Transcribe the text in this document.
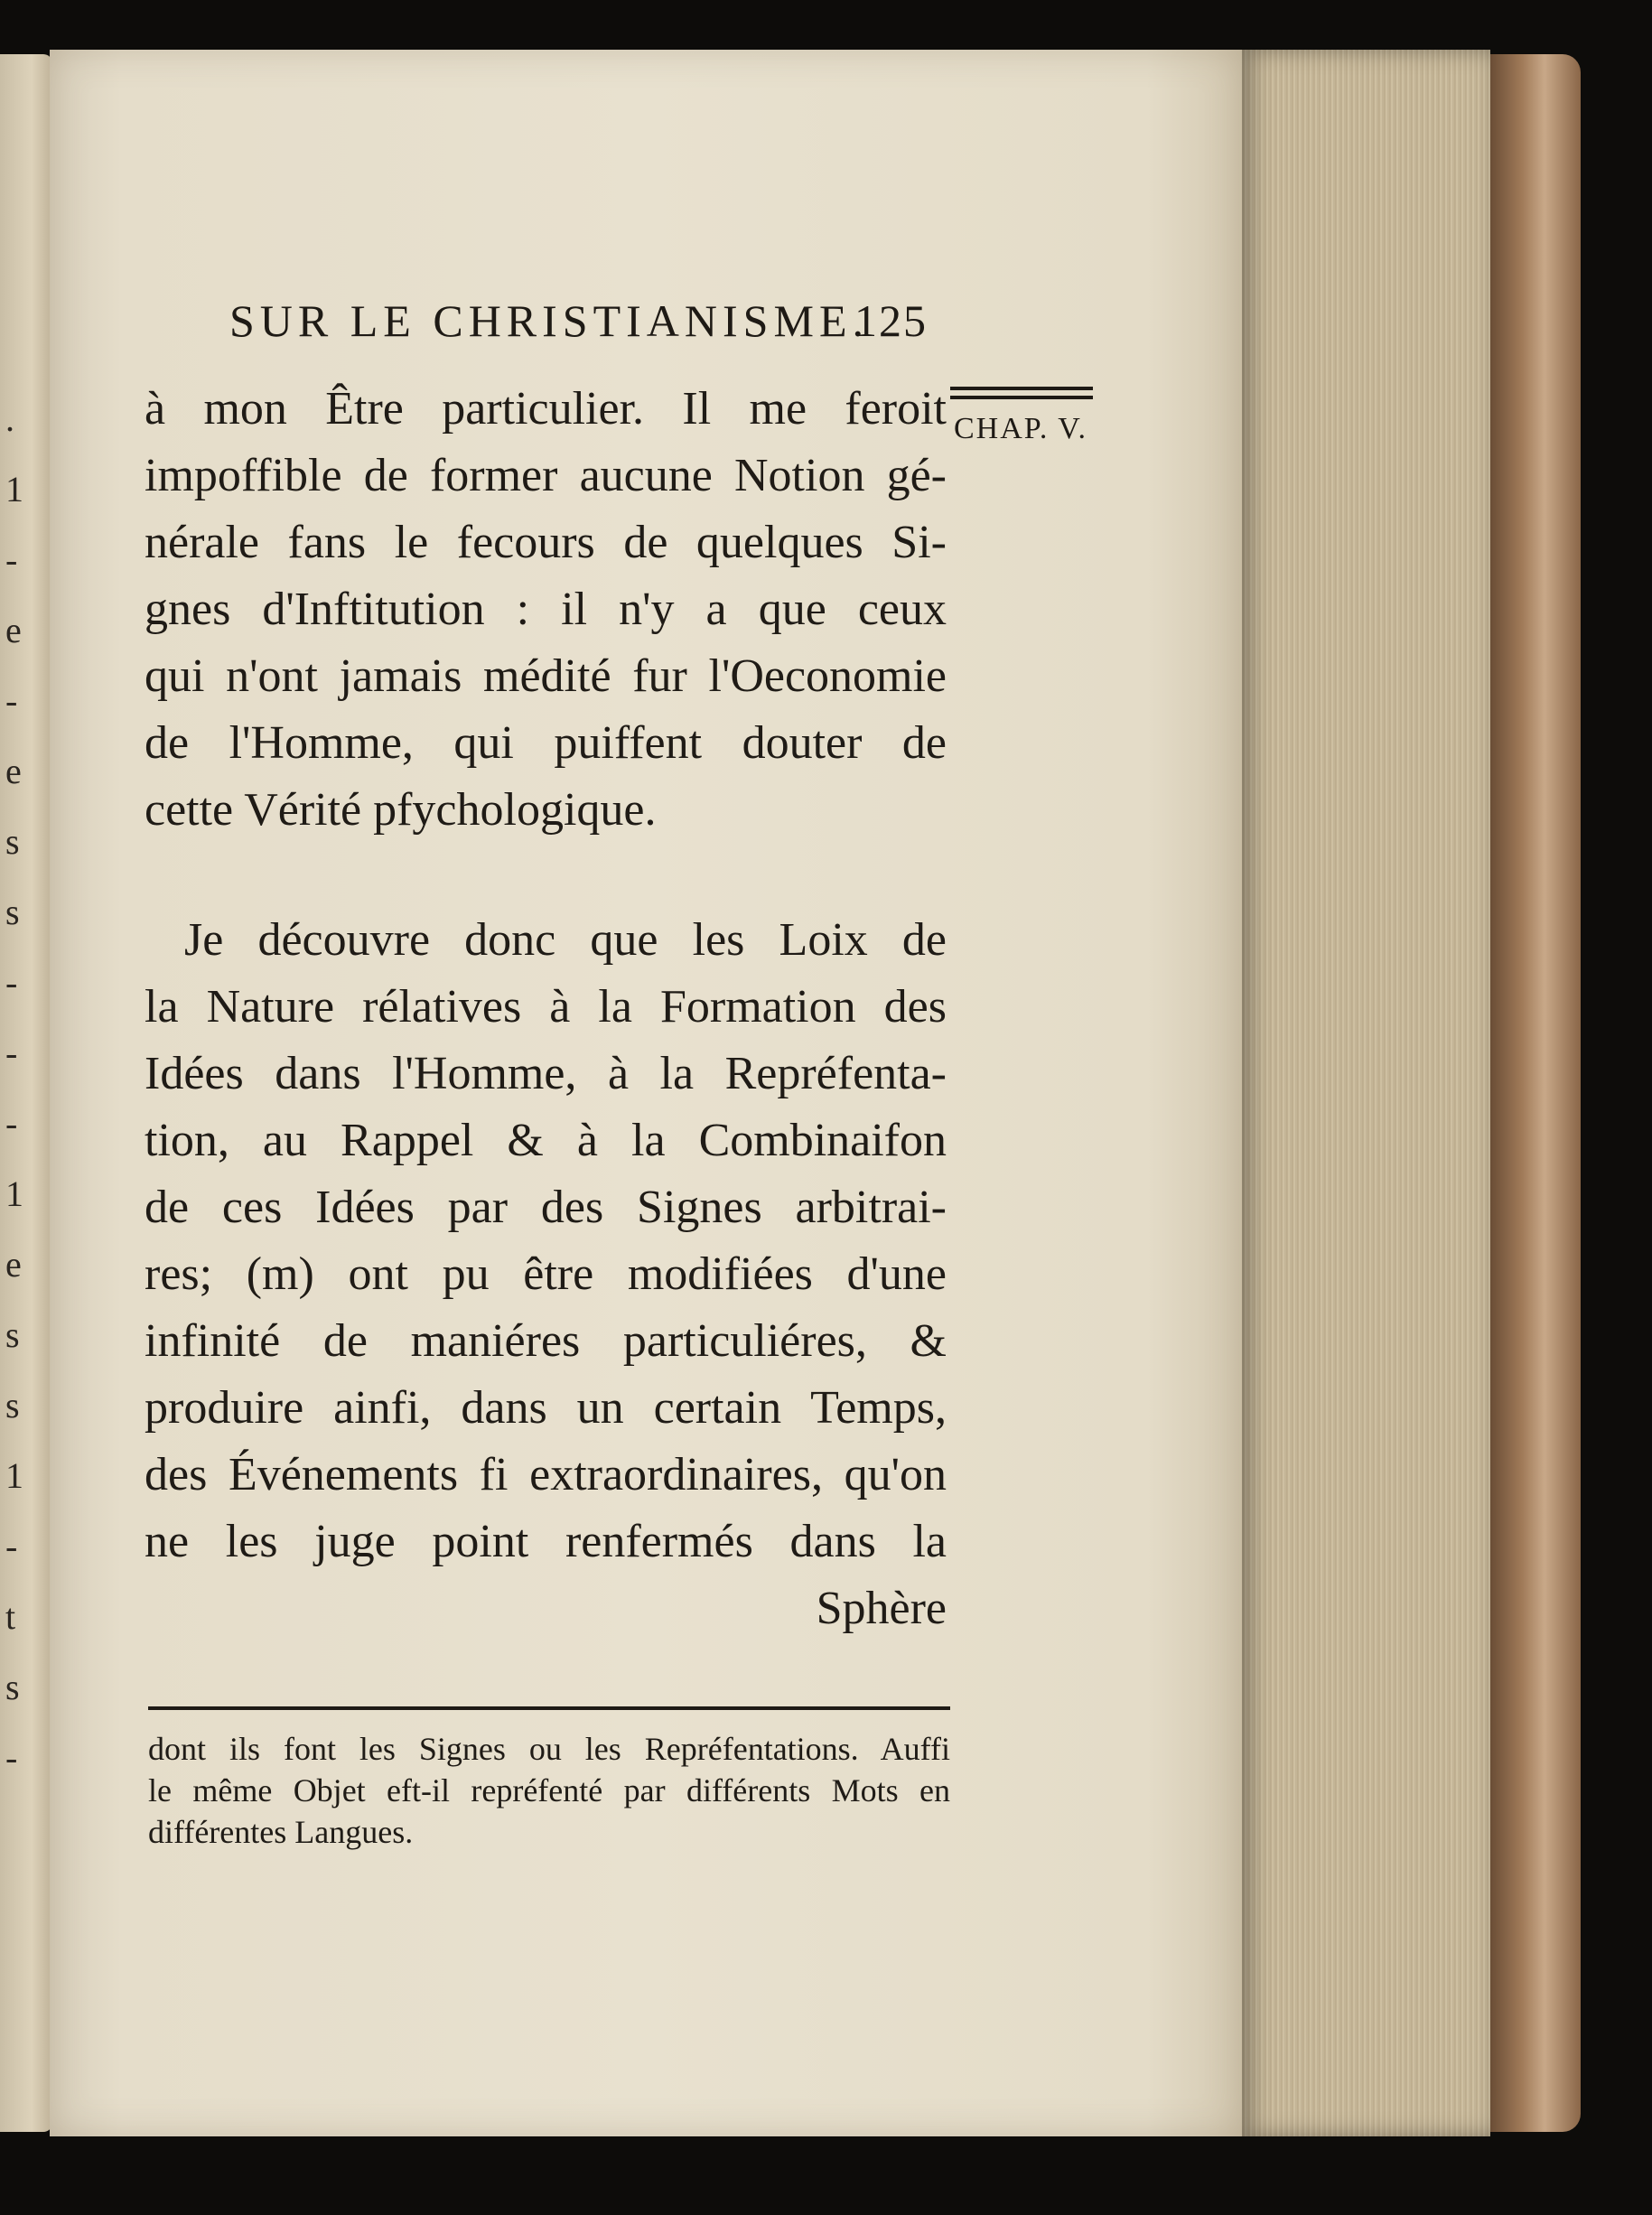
.
1
-
e
-
e
s
s
-
-
-
1
e
s
s
1
-
t
s
-
SUR LE CHRISTIANISME.
125
CHAP. V.
à mon Être particulier. Il me feroit
impoffible de former aucune Notion gé-
nérale fans le fecours de quelques Si-
gnes d'Inftitution : il n'y a que ceux
qui n'ont jamais médité fur l'Oeconomie
de l'Homme, qui puiffent douter de
cette Vérité pfychologique.
Je découvre donc que les Loix de
la Nature rélatives à la Formation des
Idées dans l'Homme, à la Repréfenta-
tion, au Rappel & à la Combinaifon
de ces Idées par des Signes arbitrai-
res; (m) ont pu être modifiées d'une
infinité de maniéres particuliéres, &
produire ainfi, dans un certain Temps,
des Événements fi extraordinaires, qu'on
ne les juge point renfermés dans la
Sphère
dont ils font les Signes ou les Repréfentations. Auffi
le même Objet eft-il repréfenté par différents Mots en
différentes Langues.
